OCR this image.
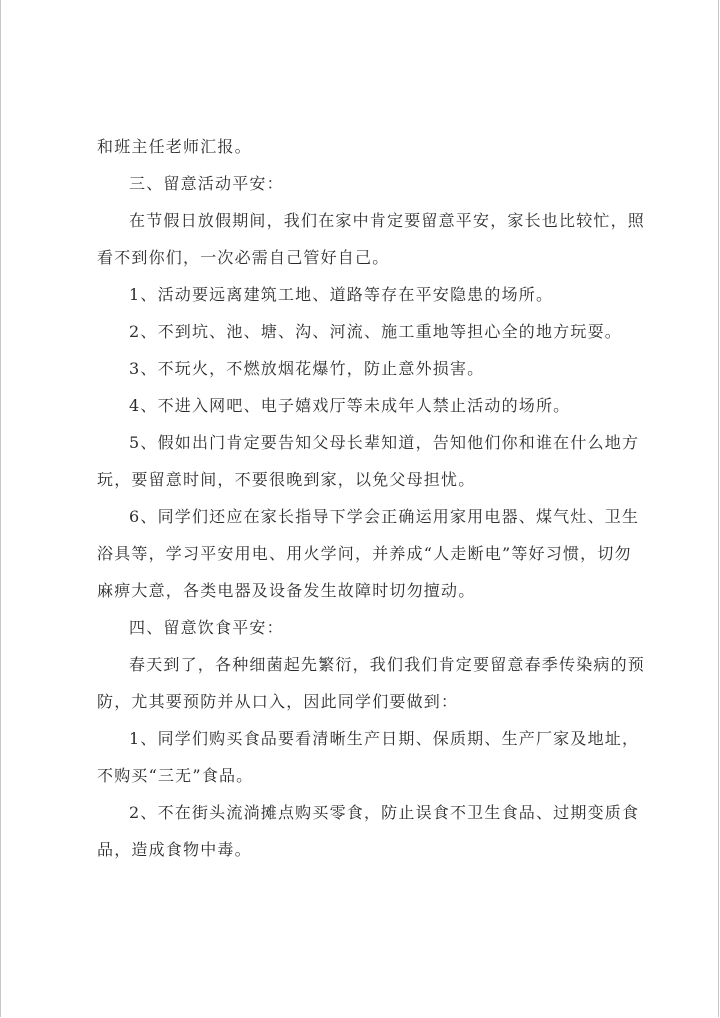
和班主任老师汇报。
三、留意活动平安：
在节假日放假期间，我们在家中肯定要留意平安，家长也比较忙，照
看不到你们，一次必需自己管好自己。
1、活动要远离建筑工地、道路等存在平安隐患的场所。
2、不到坑、池、塘、沟、河流、施工重地等担心全的地方玩耍。
3、不玩火，不燃放烟花爆竹，防止意外损害。
4、不进入网吧、电子嬉戏厅等未成年人禁止活动的场所。
5、假如出门肯定要告知父母长辈知道，告知他们你和谁在什么地方
玩，要留意时间，不要很晚到家，以免父母担忧。
6、同学们还应在家长指导下学会正确运用家用电器、煤气灶、卫生
浴具等，学习平安用电、用火学问，并养成“人走断电”等好习惯，切勿
麻痹大意，各类电器及设备发生故障时切勿擅动。
四、留意饮食平安：
春天到了，各种细菌起先繁衍，我们我们肯定要留意春季传染病的预
防，尤其要预防并从口入，因此同学们要做到：
1、同学们购买食品要看清晰生产日期、保质期、生产厂家及地址，
不购买“三无”食品。
2、不在街头流淌摊点购买零食，防止误食不卫生食品、过期变质食
品，造成食物中毒。
